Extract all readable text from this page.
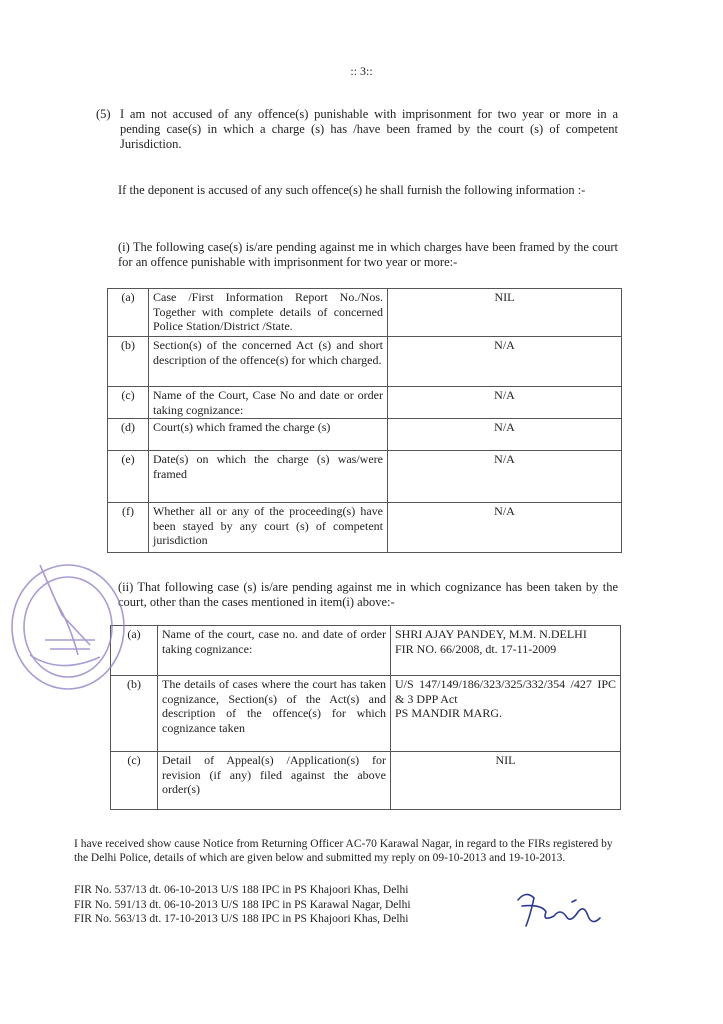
:: 3::
(5) I am not accused of any offence(s) punishable with imprisonment for two year or more in a pending case(s) in which a charge (s) has /have been framed by the court (s) of competent Jurisdiction.
If the deponent is accused of any such offence(s) he shall furnish the following information :-
(i) The following case(s) is/are pending against me in which charges have been framed by the court for an offence punishable with imprisonment for two year or more:-
(a)	Case /First Information Report No./Nos. Together with complete details of concerned Police Station/District /State.	NIL
(b)	Section(s) of the concerned Act (s) and short description of the offence(s) for which charged.	N/A
(c)	Name of the Court, Case No and date or order taking cognizance:	N/A
(d)	Court(s) which framed the charge (s)	N/A
(e)	Date(s) on which the charge (s) was/were framed	N/A
(f)	Whether all or any of the proceeding(s) have been stayed by any court (s) of competent jurisdiction	N/A
(ii) That following case (s) is/are pending against me in which cognizance has been taken by the court, other than the cases mentioned in item(i) above:-
(a)	Name of the court, case no. and date of order taking cognizance:	SHRI AJAY PANDEY, M.M. N.DELHI
FIR NO. 66/2008, dt. 17-11-2009

(b)	The details of cases where the court has taken cognizance, Section(s) of the Act(s) and description of the offence(s) for which cognizance taken	U/S 147/149/186/323/325/332/354 /427 IPC & 3 DPP Act
PS MANDIR MARG.

(c)	Detail of Appeal(s) /Application(s) for revision (if any) filed against the above order(s)	NIL
I have received show cause Notice from Returning Officer AC-70 Karawal Nagar, in regard to the FIRs registered by the Delhi Police, details of which are given below and submitted my reply on 09-10-2013 and 19-10-2013.
FIR No. 537/13 dt. 06-10-2013 U/S 188 IPC in PS Khajoori Khas, Delhi
FIR No. 591/13 dt. 06-10-2013 U/S 188 IPC in PS Karawal Nagar, Delhi
FIR No. 563/13 dt. 17-10-2013 U/S 188 IPC in PS Khajoori Khas, Delhi
